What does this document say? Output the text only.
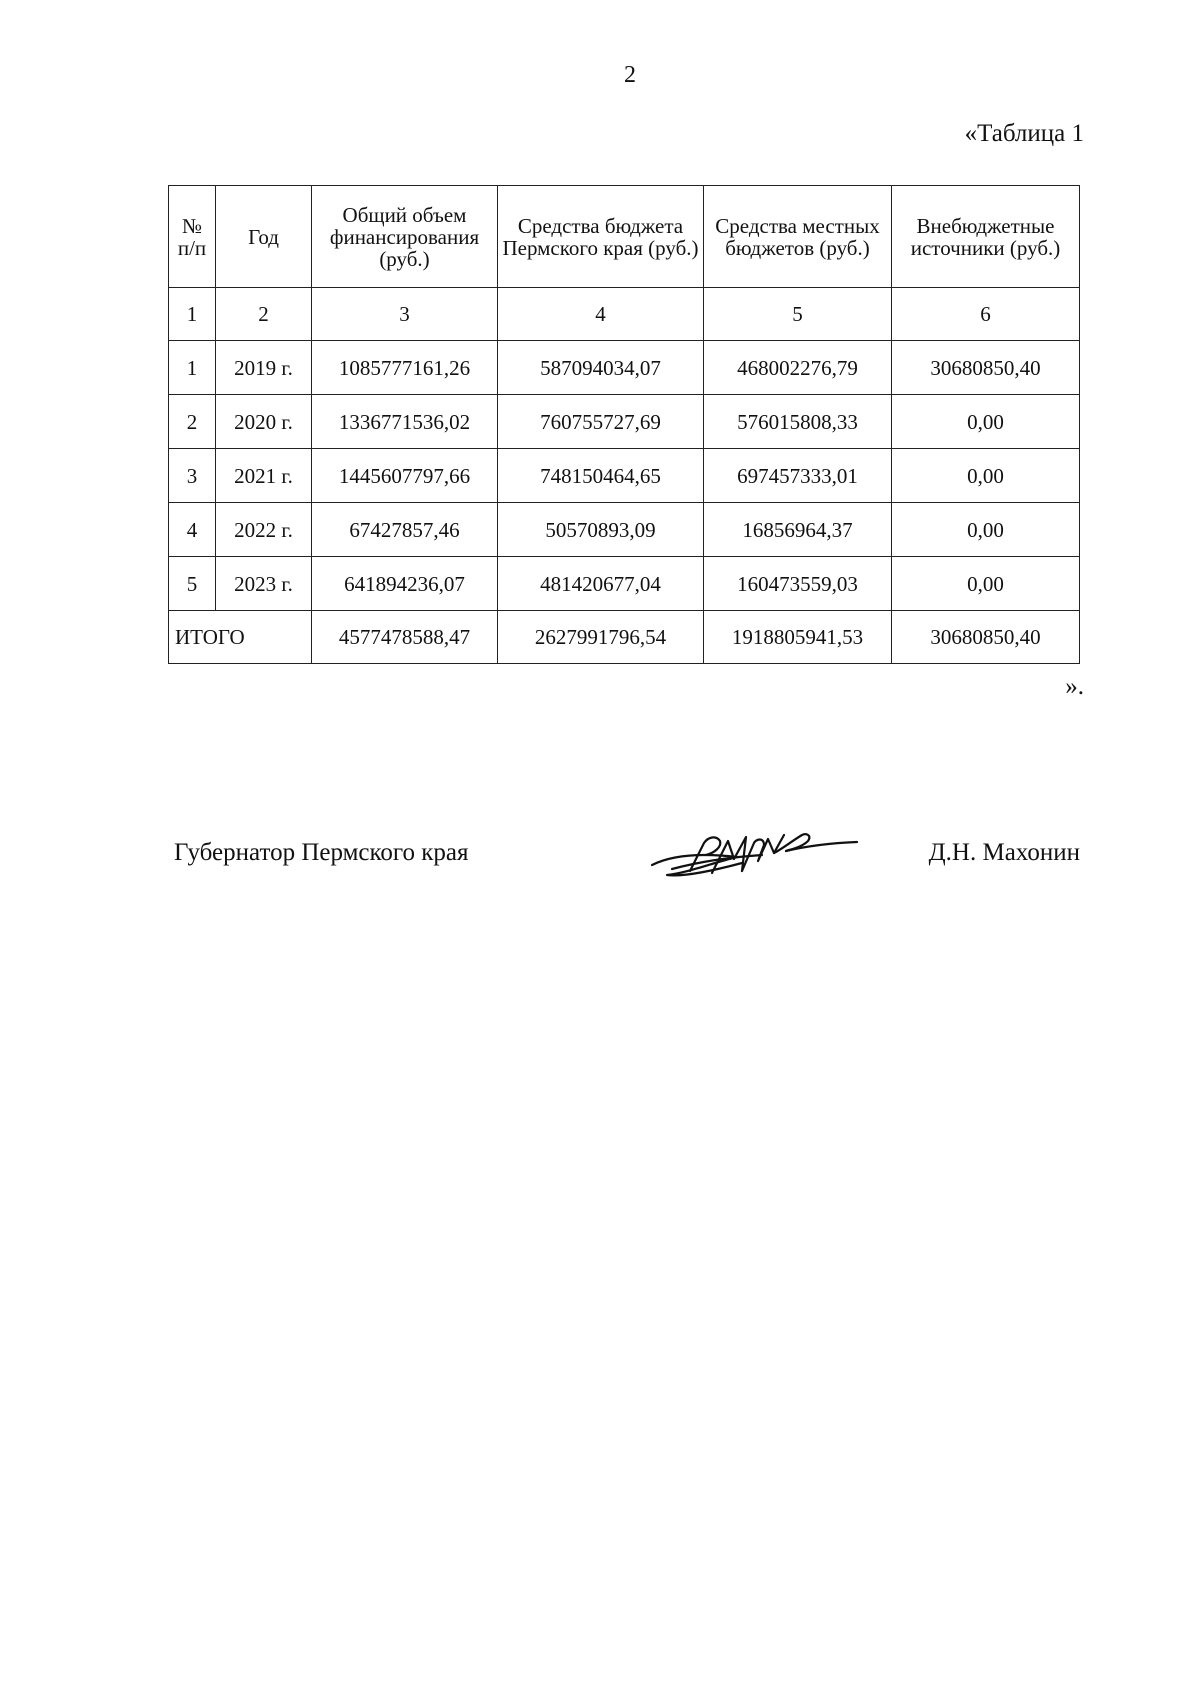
2
«Таблица 1
№ п/п	Год	Общий объем финансирования (руб.)	Средства бюджета Пермского края (руб.)	Средства местных бюджетов (руб.)	Внебюджетные источники (руб.)
1	2	3	4	5	6
1	2019 г.	1085777161,26	587094034,07	468002276,79	30680850,40
2	2020 г.	1336771536,02	760755727,69	576015808,33	0,00
3	2021 г.	1445607797,66	748150464,65	697457333,01	0,00
4	2022 г.	67427857,46	50570893,09	16856964,37	0,00
5	2023 г.	641894236,07	481420677,04	160473559,03	0,00
ИТОГО		4577478588,47	2627991796,54	1918805941,53	30680850,40
».
Губернатор Пермского края	Д.Н. Махонин
